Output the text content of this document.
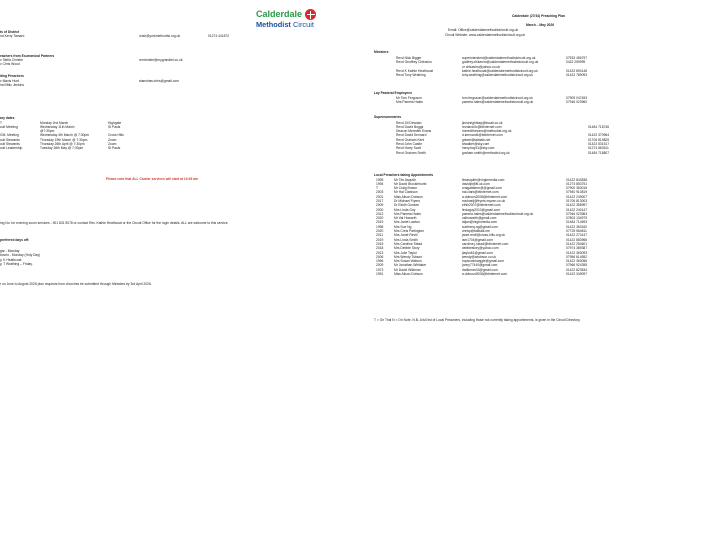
ts of District
nd Kerry Tamard	chair@yorkmethodist.org.uk	01274 441872
Calderdale
Methodist Circuit
Calderdale (27/34) Preaching Plan
March – May 2026
Email: Office@calderdalemethodistcircuit.org.uk
Circuit Website: www.calderdalemethodistcircuit.org.uk
eachers from Ecumenical Partners
v Stella Christie	revchristie@mygrandtel.co.uk
v Chris Wood
iting Preachers
v Mavis Hunt	stanshaw.chris@gmail.com
ind Milic Jenkins
ary dates
T	Monday 2nd March	Highgate
cuit Meeting	Wednesday 11th March	St Pauls
@7:30pm
GM, Meeting	Wednesday 4th March @ 7:30pm	Cross Hills
cuit Stewards	Thursday 19th March @ 7:30pm	Zoom
cuit Stewards	Thursday 26th April @ 7:30pm	Zoom
cuit Leadership	Tuesday 26th May @ 7:30pm	St Pauls
Please note that ALL Cluster services will start at 10:45 am
ing No. for evening zoom services - 901 831 5078 or contact Rev. Kathie Heathcoat or the Circuit Office for the login details. ALL are welcome to this service.
preferred days off:
gar - Monday
bovrio - Monday (Holy Day)
y, K Heathcoat
y, T Wrathing – Friday.
r un June to August 2026 plan requests from churches be submitted through Ministers by 3rd April 2026.
Ministers
Revd Nick Bigger	superintendent@calderdalemethodistcircuit.org.uk	07533 456797
Revd Geoffrey Chikaviro	godfrey.chikaviro@calderdalemethodistcircuit.org.uk	0422 259999
or chikaviro@yahoo.co.uk
Revd K Kathie Heathcoat	kathie.heathcoat@calderdalemethodistcircuit.org.uk	01422 894146
Revd Tony Wrathing	tony.wrathing@calderdalemethodistcircuit.org.uk	01422 789093
Lay Pastoral Employees
Mr Tom Ferguson	tom.ferguson@calderdalemethodistcircuit.org.uk	07909 047453
Mrs Pamela Hales	pamela.hales@calderdalemethodistcircuit.org.uk	07946 023960
Supernumeraries
Revd Jill Dewdan	jimsinrightbay@tiscali.co.uk
Revd David Boggs	revdavid.b@btinternet.com	01484 718746
Deacon Meredith Evans	meredithevans@methodist.org.uk
Revd David Kennard	d.kennard4@btinternet.com	01422 370964
Revd Graham Kent	grkent@talktalk.net	01706 819825
Revd John Castle	stwalker@sky.com	01422 831517
Revd Harry Scott	harry.bay31@sky.com	01274 863511
Revd Graham Smith	graham.smith@methodist.org.uk	01484 718807
Local Preachers taking Appointments
1995	Mr Tim Asquith	timasquith@virginmedia.com	01422 843838
1994	Mr David Brocklehurst	davidjb@ltl.uk.com	01274 853751
T	Mr Craig Brown	craigattainer@@gmail.com	07900 353016
2003	Mr Hal Clarkson	hal.clark@btinternet.com	07940 910819
2001	Miss Alison Dobson	a.dobson2008@btinternet.com	01422 249007
2017	Dr Michael Fryers	michaelj@fryers.myzen.co.uk	01706 813003
2009	Dr Ekidh Gunsen	elhih2007@btinternet.com	01422 355997
2000	Mrs Linda Guy	lindaguy2010@gmail.com	01422 240147
2012	Mrs Pamela Hales	pamela.hales@calderdalemethodistcircuit.org.uk	07946 023964
2020	Mr Val Howarth	valhowarth@gmail.com	07803 134979
2019	Mrs Janet Lawton	laljan@virginmedia.com	01484 714693
1998	Mrs Sue Ng	suefreeq.ng@gmail.com	01422 363160
2020	Mrs Chris Partington	chrisp@talktalk.me	07725 564811
2011	Mrs Janet Revill	janet.revill@cross-hills.org.uk	01422 273147
2019	Mrs Linda Smith	lsm1704@gmail.com	01422 883966
2015	Mrs Caroline Stead	caroline.j.stead@btinternet.com	01422 254601
2018	Mrs Debbie Story	debbiestory@yahoo.com	07974 389387
2013	Mrs Julie Taylor	jtaylor61@gmail.com	01422 363093
2006	Mrs Wendy Tobson	wendy@wtobson.co.uk	07956 614552
1996	Mrs Susan Watson	hopscotchwggle@gmail.com	01422 363056
2009	Mr Jonathan Whitaker	jonny77440@gmail.com	07966 924355
1973	Mr David Wilkman	dwilkman43@gmail.com	01422 823534
1991	Miss Alison Dobson	a.dobson2008@btinternet.com	01422 349097
T = On Trial N = On Note. N.B. A full list of Local Preachers, including those not currently taking appointments, is given in the Circuit Directory.
